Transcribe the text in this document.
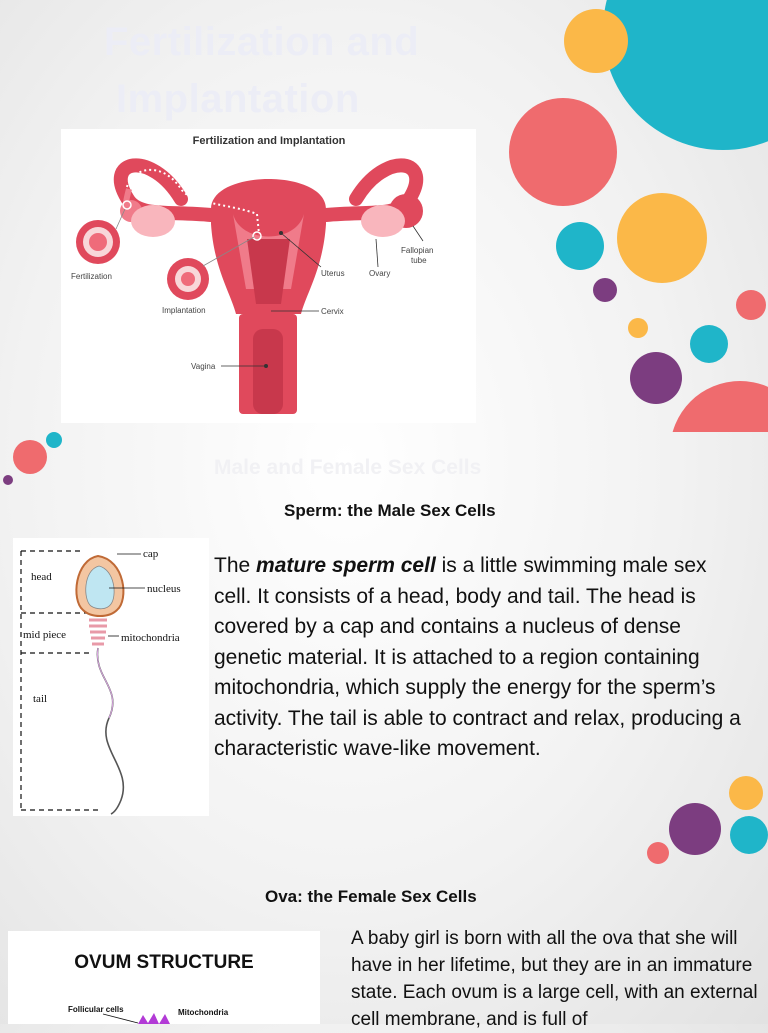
Fertilization and
Implantation
Fertilization and Implantation
Fertilization
Implantation
Uterus	Ovary
Fallopian
tube
Cervix
Vagina
Male and Female Sex Cells
Sperm: the Male Sex Cells
cap
head
nucleus
mid piece	mitochondria
tail
The mature sperm cell is a little swimming male sex cell. It consists of a head, body and tail. The head is covered by a cap and contains a nucleus of dense genetic material. It is attached to a region containing mitochondria, which supply the energy for the sperm’s activity. The tail is able to contract and relax, producing a characteristic wave-like movement.
Ova: the Female Sex Cells
OVUM STRUCTURE
Follicular cells	Mitochondria
A baby girl is born with all the ova that she will have in her lifetime, but they are in an immature state. Each ovum is a large cell, with an external cell membrane, and is full of
